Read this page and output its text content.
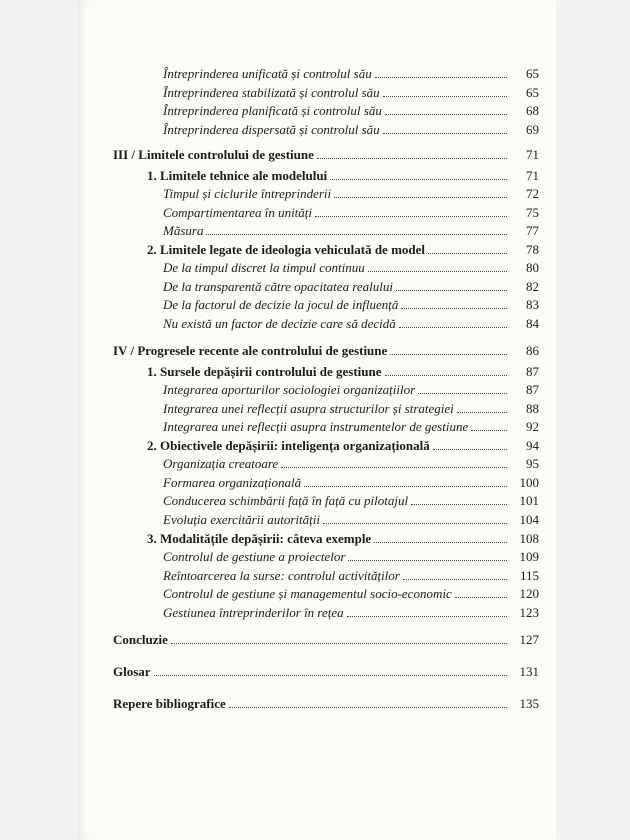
Întreprinderea unificată și controlul său	65
Întreprinderea stabilizată și controlul său	65
Întreprinderea planificată și controlul său	68
Întreprinderea dispersată și controlul său	69
III / Limitele controlului de gestiune	71
1. Limitele tehnice ale modelului	71
Timpul și ciclurile întreprinderii	72
Compartimentarea în unități	75
Măsura	77
2. Limitele legate de ideologia vehiculată de model	78
De la timpul discret la timpul continuu	80
De la transparentă către opacitatea realului	82
De la factorul de decizie la jocul de influență	83
Nu există un factor de decizie care să decidă	84
IV / Progresele recente ale controlului de gestiune	86
1. Sursele depășirii controlului de gestiune	87
Integrarea aporturilor sociologiei organizațiilor	87
Integrarea unei reflecții asupra structurilor și strategiei	88
Integrarea unei reflecții asupra instrumentelor de gestiune	92
2. Obiectivele depășirii: inteligența organizațională	94
Organizația creatoare	95
Formarea organizațională	100
Conducerea schimbării față în față cu pilotajul	101
Evoluția exercitării autorității	104
3. Modalitățile depășirii: câteva exemple	108
Controlul de gestiune a proiectelor	109
Reîntoarcerea la surse: controlul activităților	115
Controlul de gestiune și managementul socio-economic	120
Gestiunea întreprinderilor în rețea	123
Concluzie	127
Glosar	131
Repere bibliografice	135
